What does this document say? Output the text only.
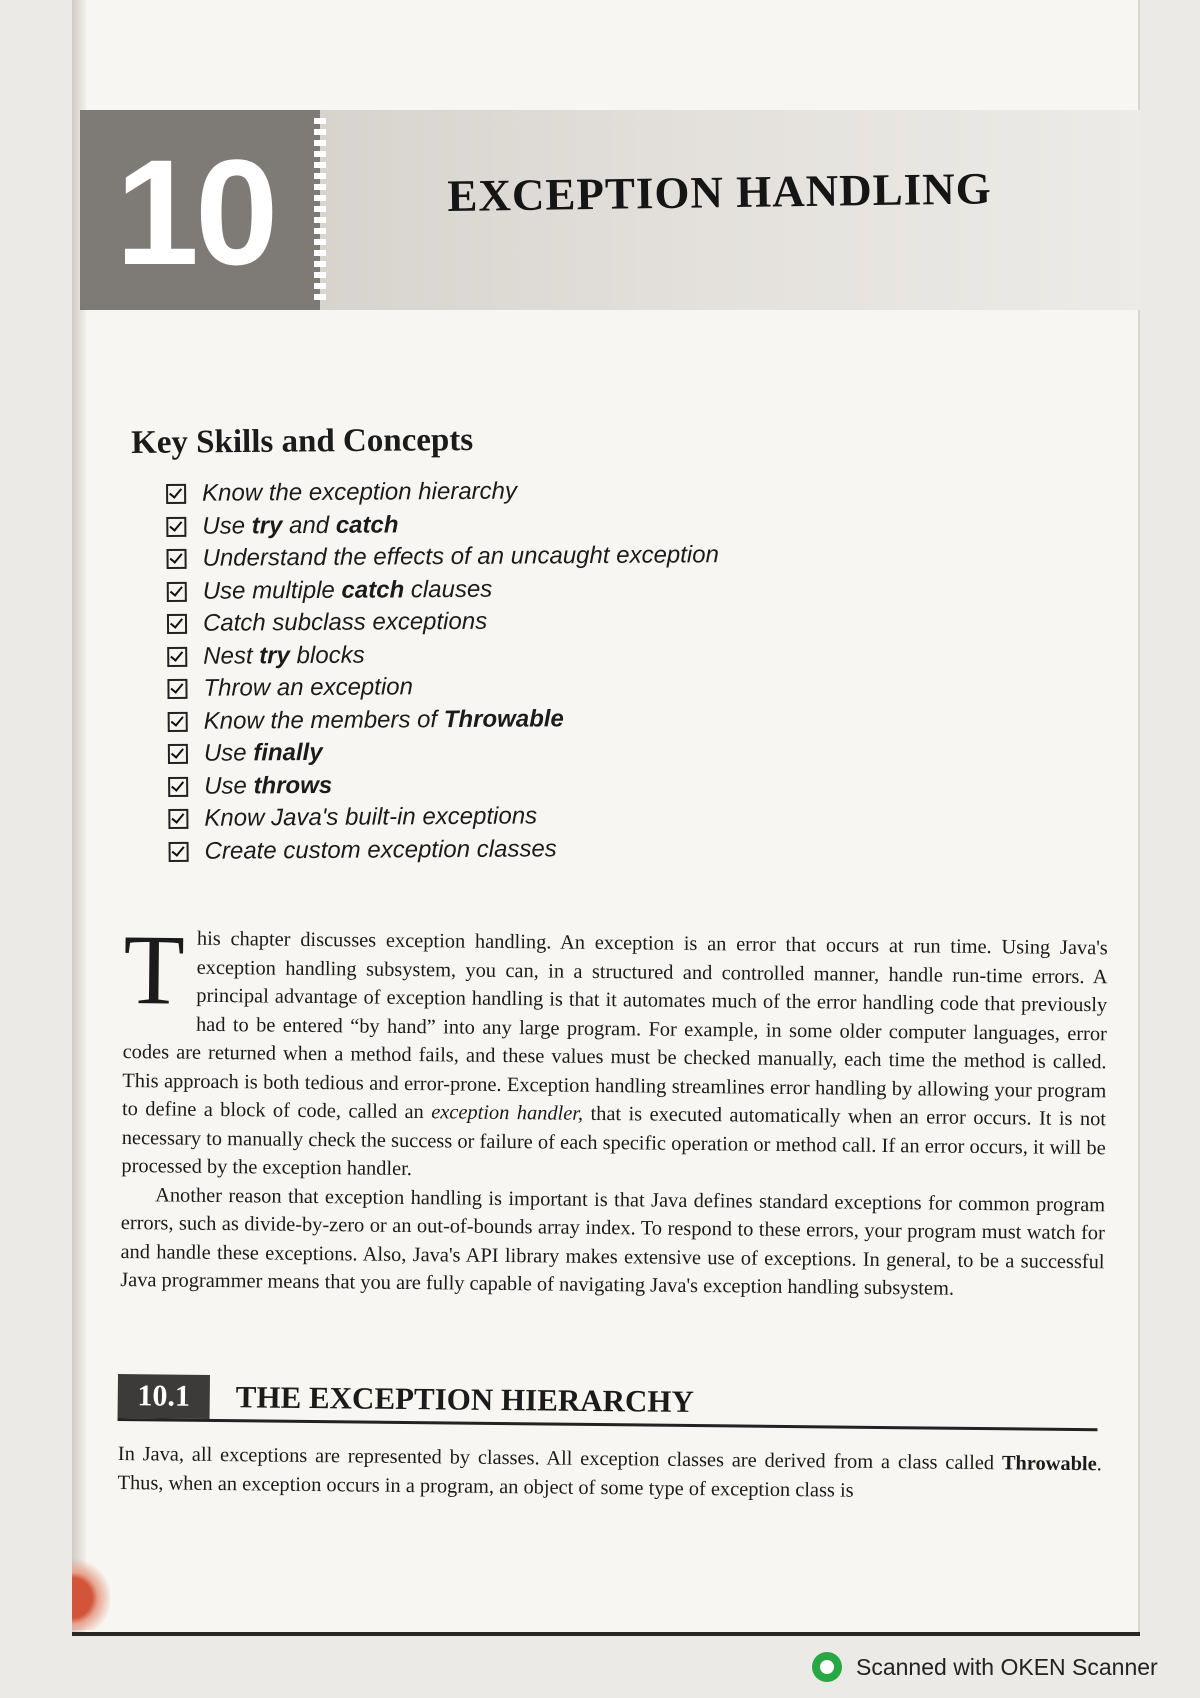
10	EXCEPTION HANDLING
Key Skills and Concepts
Know the exception hierarchy
Use try and catch
Understand the effects of an uncaught exception
Use multiple catch clauses
Catch subclass exceptions
Nest try blocks
Throw an exception
Know the members of Throwable
Use finally
Use throws
Know Java's built-in exceptions
Create custom exception classes

This chapter discusses exception handling. An exception is an error that occurs at run time. Using Java's exception handling subsystem, you can, in a structured and controlled manner, handle run-time errors. A principal advantage of exception handling is that it automates much of the error handling code that previously had to be entered “by hand” into any large program. For example, in some older computer languages, error codes are returned when a method fails, and these values must be checked manually, each time the method is called. This approach is both tedious and error-prone. Exception handling streamlines error handling by allowing your program to define a block of code, called an exception handler, that is executed automatically when an error occurs. It is not necessary to manually check the success or failure of each specific operation or method call. If an error occurs, it will be processed by the exception handler.

Another reason that exception handling is important is that Java defines standard exceptions for common program errors, such as divide-by-zero or an out-of-bounds array index. To respond to these errors, your program must watch for and handle these exceptions. Also, Java's API library makes extensive use of exceptions. In general, to be a successful Java programmer means that you are fully capable of navigating Java's exception handling subsystem.

10.1	THE EXCEPTION HIERARCHY

In Java, all exceptions are represented by classes. All exception classes are derived from a class called Throwable. Thus, when an exception occurs in a program, an object of some type of exception class is

Scanned with OKEN Scanner
